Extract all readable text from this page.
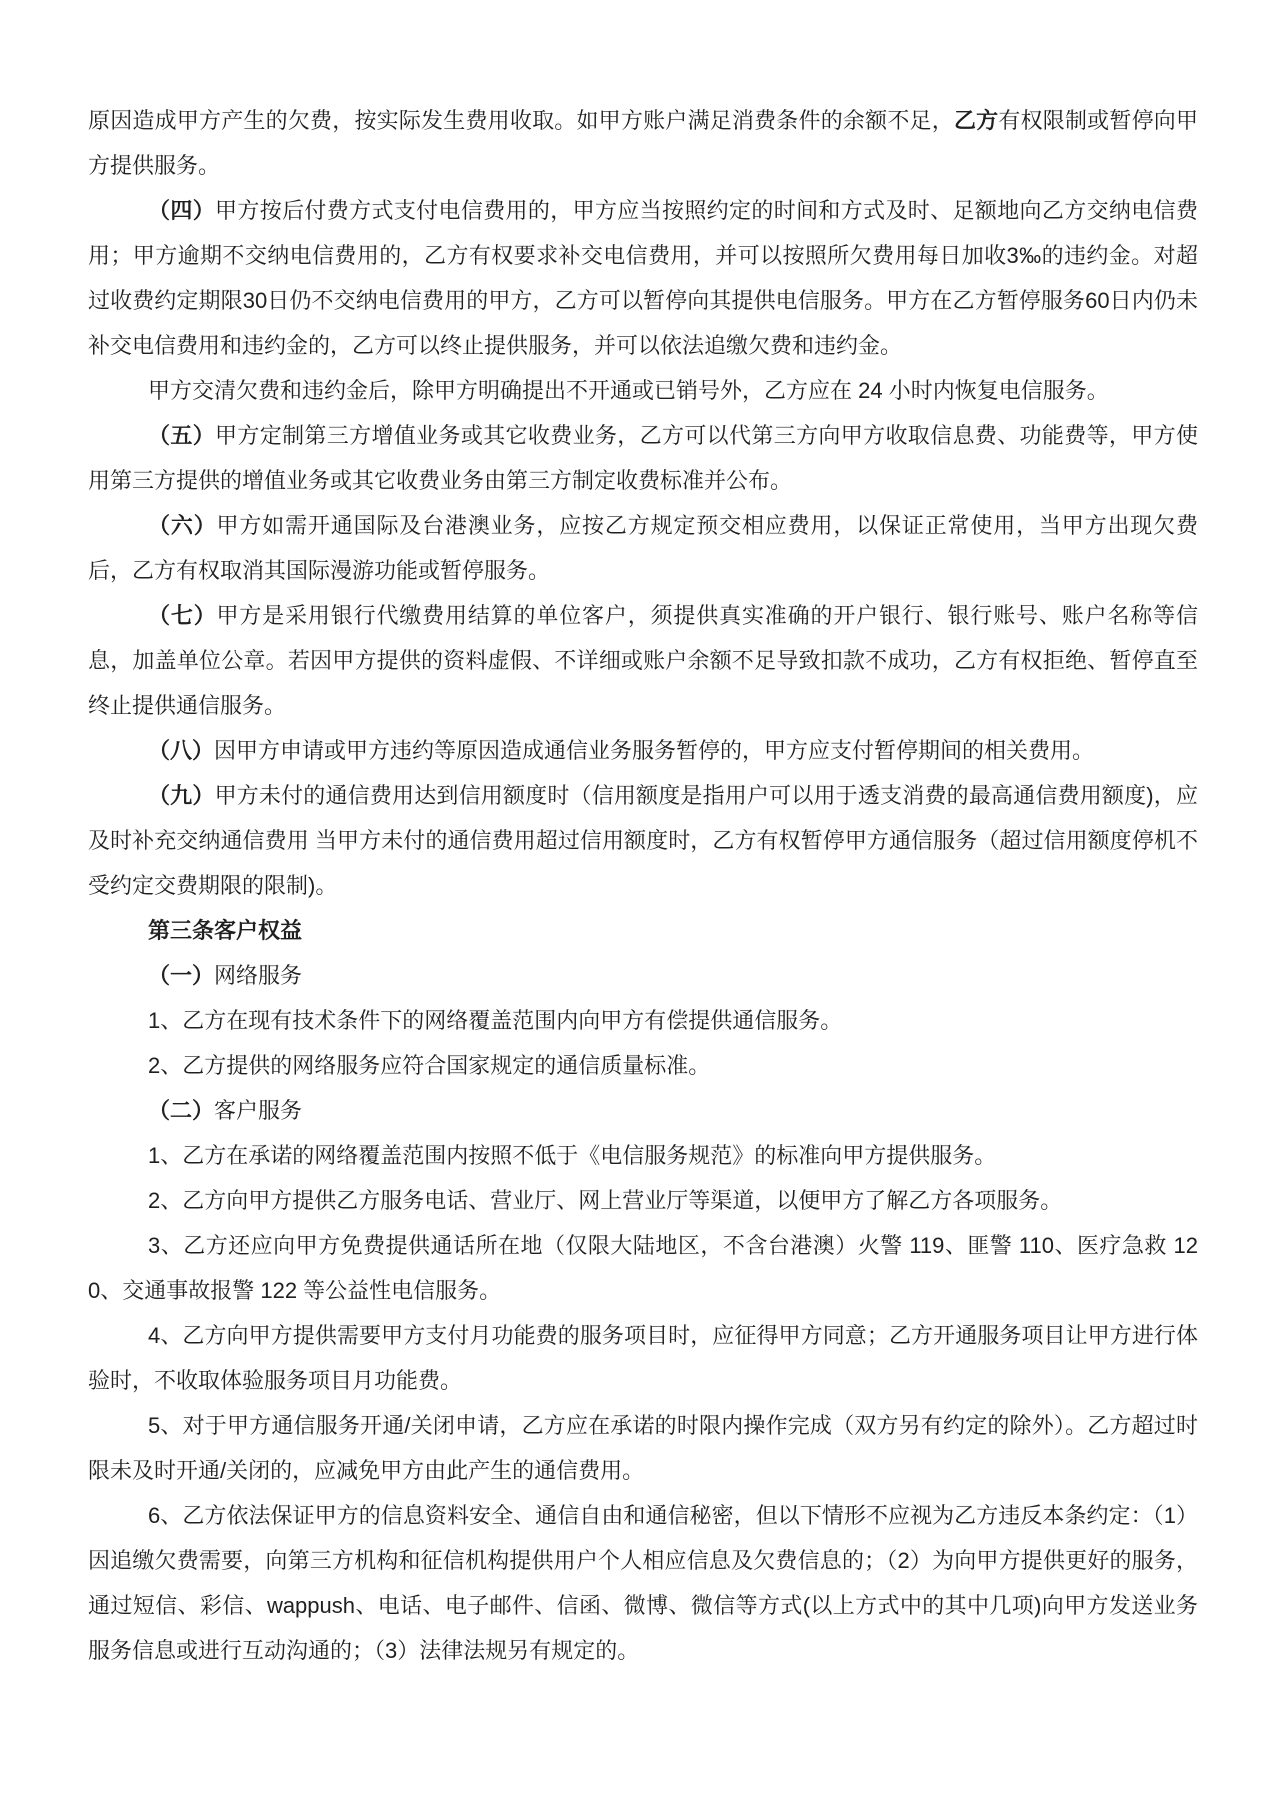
原因造成甲方产生的欠费，按实际发生费用收取。如甲方账户满足消费条件的余额不足，乙方有权限制或暂停向甲方提供服务。

（四）甲方按后付费方式支付电信费用的，甲方应当按照约定的时间和方式及时、足额地向乙方交纳电信费用；甲方逾期不交纳电信费用的，乙方有权要求补交电信费用，并可以按照所欠费用每日加收3‰的违约金。对超过收费约定期限30日仍不交纳电信费用的甲方，乙方可以暂停向其提供电信服务。甲方在乙方暂停服务60日内仍未补交电信费用和违约金的，乙方可以终止提供服务，并可以依法追缴欠费和违约金。

甲方交清欠费和违约金后，除甲方明确提出不开通或已销号外，乙方应在 24 小时内恢复电信服务。

（五）甲方定制第三方增值业务或其它收费业务，乙方可以代第三方向甲方收取信息费、功能费等，甲方使用第三方提供的增值业务或其它收费业务由第三方制定收费标准并公布。

（六）甲方如需开通国际及台港澳业务，应按乙方规定预交相应费用，以保证正常使用，当甲方出现欠费后，乙方有权取消其国际漫游功能或暂停服务。

（七）甲方是采用银行代缴费用结算的单位客户，须提供真实准确的开户银行、银行账号、账户名称等信息，加盖单位公章。若因甲方提供的资料虚假、不详细或账户余额不足导致扣款不成功，乙方有权拒绝、暂停直至终止提供通信服务。

（八）因甲方申请或甲方违约等原因造成通信业务服务暂停的，甲方应支付暂停期间的相关费用。

（九）甲方未付的通信费用达到信用额度时（信用额度是指用户可以用于透支消费的最高通信费用额度)，应及时补充交纳通信费用 当甲方未付的通信费用超过信用额度时，乙方有权暂停甲方通信服务（超过信用额度停机不受约定交费期限的限制)。

第三条客户权益

（一）网络服务

1、乙方在现有技术条件下的网络覆盖范围内向甲方有偿提供通信服务。

2、乙方提供的网络服务应符合国家规定的通信质量标准。

（二）客户服务

1、乙方在承诺的网络覆盖范围内按照不低于《电信服务规范》的标准向甲方提供服务。

2、乙方向甲方提供乙方服务电话、营业厅、网上营业厅等渠道，以便甲方了解乙方各项服务。

3、乙方还应向甲方免费提供通话所在地（仅限大陆地区，不含台港澳）火警 119、匪警 110、医疗急救 120、交通事故报警 122 等公益性电信服务。

4、乙方向甲方提供需要甲方支付月功能费的服务项目时，应征得甲方同意；乙方开通服务项目让甲方进行体验时，不收取体验服务项目月功能费。

5、对于甲方通信服务开通/关闭申请，乙方应在承诺的时限内操作完成（双方另有约定的除外）。乙方超过时限未及时开通/关闭的，应减免甲方由此产生的通信费用。

6、乙方依法保证甲方的信息资料安全、通信自由和通信秘密，但以下情形不应视为乙方违反本条约定：（1）因追缴欠费需要，向第三方机构和征信机构提供用户个人相应信息及欠费信息的；（2）为向甲方提供更好的服务，通过短信、彩信、wappush、电话、电子邮件、信函、微博、微信等方式(以上方式中的其中几项)向甲方发送业务服务信息或进行互动沟通的；（3）法律法规另有规定的。
